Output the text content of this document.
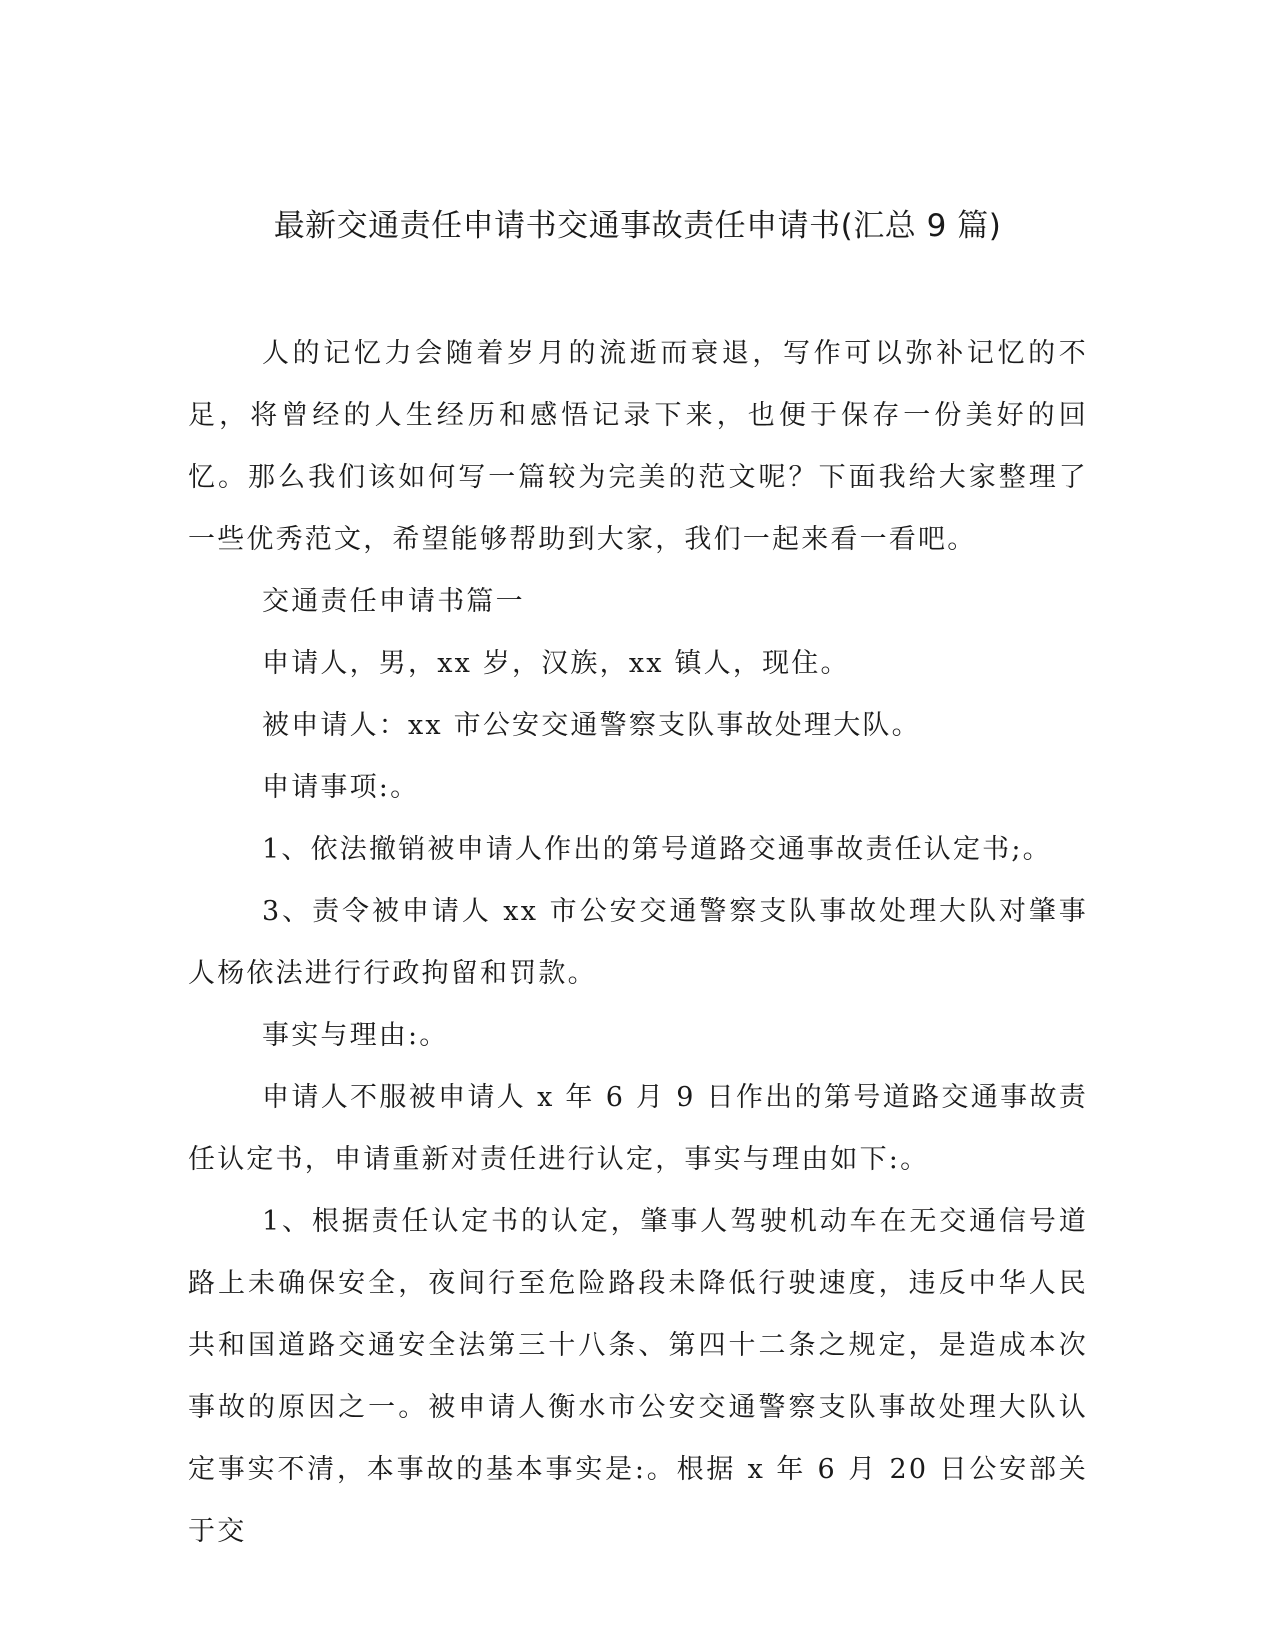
最新交通责任申请书交通事故责任申请书(汇总 9 篇)

人的记忆力会随着岁月的流逝而衰退，写作可以弥补记忆的不足，将曾经的人生经历和感悟记录下来，也便于保存一份美好的回忆。那么我们该如何写一篇较为完美的范文呢？下面我给大家整理了一些优秀范文，希望能够帮助到大家，我们一起来看一看吧。

交通责任申请书篇一

申请人，男，xx 岁，汉族，xx 镇人，现住。

被申请人：xx 市公安交通警察支队事故处理大队。

申请事项:。

1、依法撤销被申请人作出的第号道路交通事故责任认定书;。

3、责令被申请人 xx 市公安交通警察支队事故处理大队对肇事人杨依法进行行政拘留和罚款。

事实与理由:。

申请人不服被申请人 x 年 6 月 9 日作出的第号道路交通事故责任认定书，申请重新对责任进行认定，事实与理由如下:。

1、根据责任认定书的认定，肇事人驾驶机动车在无交通信号道路上未确保安全，夜间行至危险路段未降低行驶速度，违反中华人民共和国道路交通安全法第三十八条、第四十二条之规定，是造成本次事故的原因之一。被申请人衡水市公安交通警察支队事故处理大队认定事实不清，本事故的基本事实是:。根据 x 年 6 月 20 日公安部关于交
